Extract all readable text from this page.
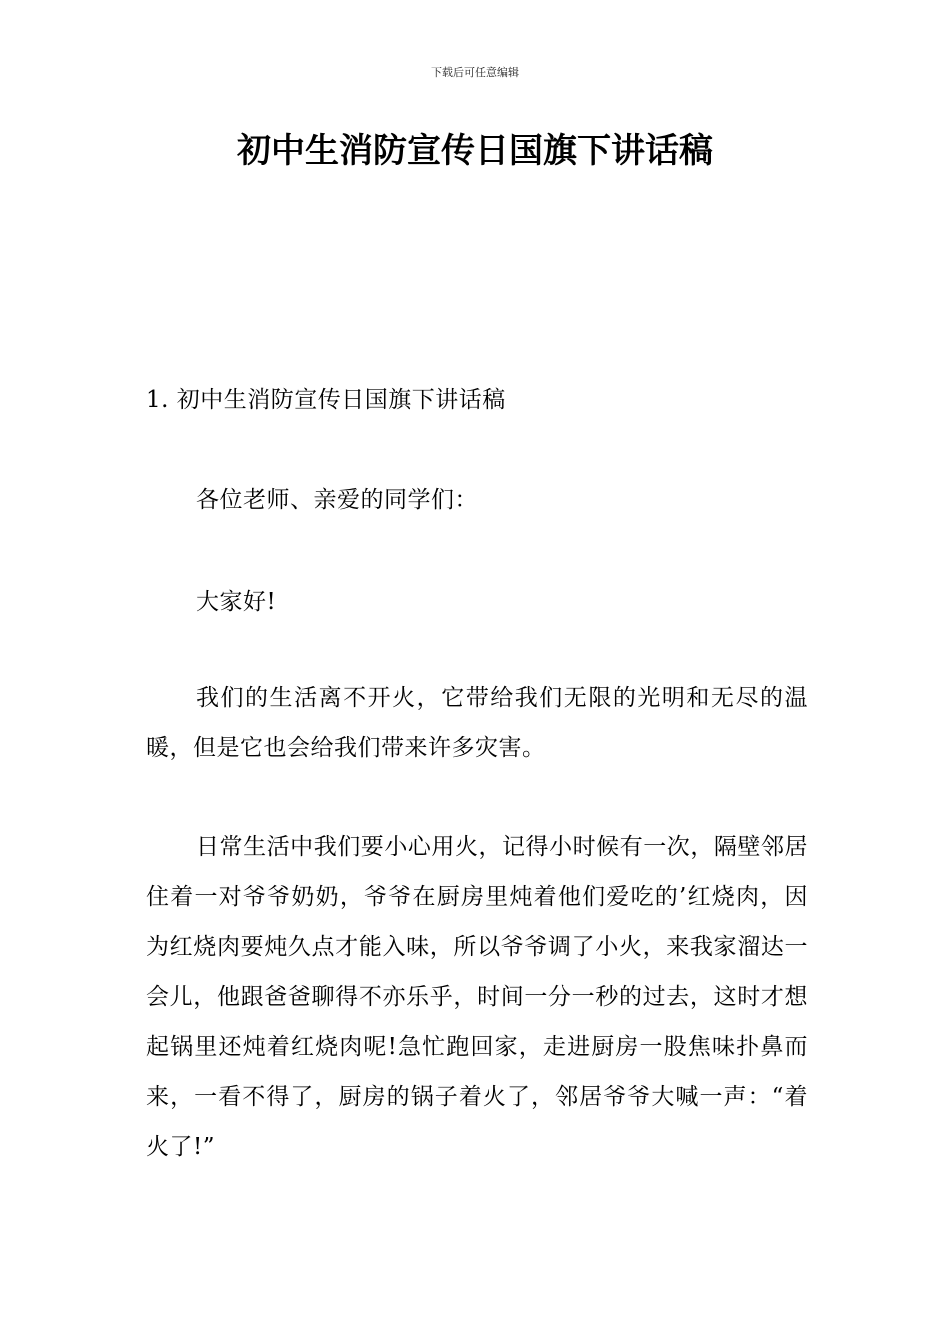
下载后可任意编辑
初中生消防宣传日国旗下讲话稿

1. 初中生消防宣传日国旗下讲话稿

各位老师、亲爱的同学们：

大家好!

我们的生活离不开火，它带给我们无限的光明和无尽的温暖，但是它也会给我们带来许多灾害。

日常生活中我们要小心用火，记得小时候有一次，隔壁邻居住着一对爷爷奶奶，爷爷在厨房里炖着他们爱吃的’红烧肉，因为红烧肉要炖久点才能入味，所以爷爷调了小火，来我家溜达一会儿，他跟爸爸聊得不亦乐乎，时间一分一秒的过去，这时才想起锅里还炖着红烧肉呢!急忙跑回家，走进厨房一股焦味扑鼻而来，一看不得了，厨房的锅子着火了，邻居爷爷大喊一声：“着火了!”
